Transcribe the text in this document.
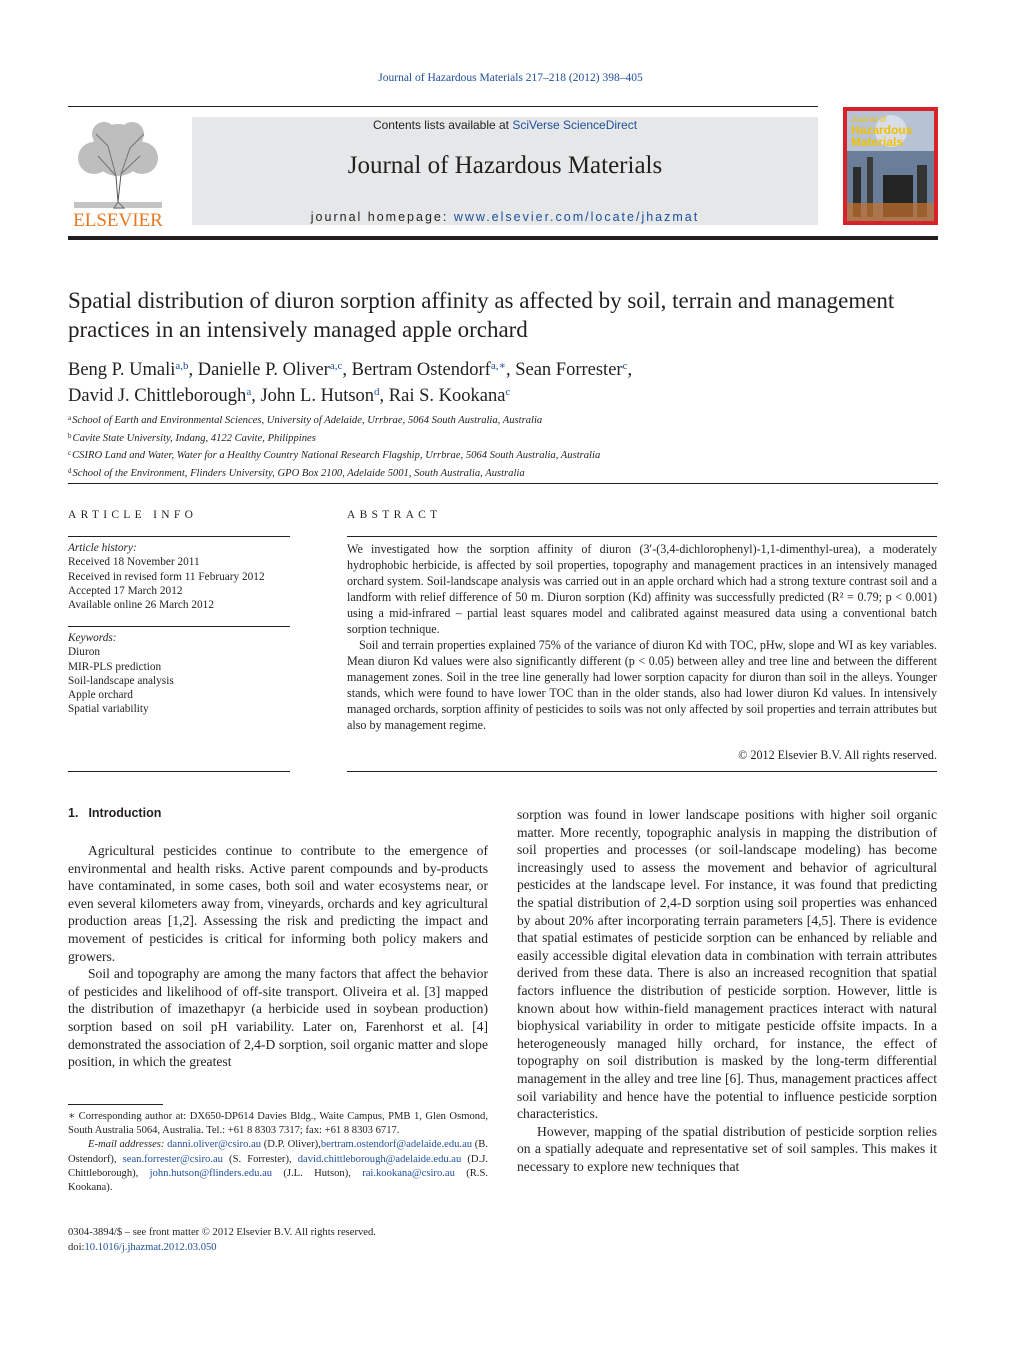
Journal of Hazardous Materials 217–218 (2012) 398–405
ELSEVIER
Contents lists available at SciVerse ScienceDirect
Journal of Hazardous Materials
journal homepage: www.elsevier.com/locate/jhazmat
Journal of
Hazardous
Materials
Spatial distribution of diuron sorption affinity as affected by soil, terrain and management practices in an intensively managed apple orchard
Beng P. Umali$^{a,b}$, Danielle P. Oliver$^{a,c}$, Bertram Ostendorf$^{a,∗}$, Sean Forrester$^c$,
David J. Chittleborough$^a$, John L. Hutson$^d$, Rai S. Kookana$^c$
$^a$School of Earth and Environmental Sciences, University of Adelaide, Urrbrae, 5064 South Australia, Australia
$^b$Cavite State University, Indang, 4122 Cavite, Philippines
$^c$CSIRO Land and Water, Water for a Healthy Country National Research Flagship, Urrbrae, 5064 South Australia, Australia
$^d$School of the Environment, Flinders University, GPO Box 2100, Adelaide 5001, South Australia, Australia
ARTICLE INFO
Article history:
Received 18 November 2011
Received in revised form 11 February 2012
Accepted 17 March 2012
Available online 26 March 2012
Keywords:
Diuron
MIR-PLS prediction
Soil-landscape analysis
Apple orchard
Spatial variability
ABSTRACT

We investigated how the sorption affinity of diuron (3′-(3,4-dichlorophenyl)-1,1-dimenthyl-urea), a moderately hydrophobic herbicide, is affected by soil properties, topography and management practices in an intensively managed orchard system. Soil-landscape analysis was carried out in an apple orchard which had a strong texture contrast soil and a landform with relief difference of 50 m. Diuron sorption (Kd) affinity was successfully predicted (R² = 0.79; p < 0.001) using a mid-infrared – partial least squares model and calibrated against measured data using a conventional batch sorption technique.

Soil and terrain properties explained 75% of the variance of diuron Kd with TOC, pHw, slope and WI as key variables. Mean diuron Kd values were also significantly different (p < 0.05) between alley and tree line and between the different management zones. Soil in the tree line generally had lower sorption capacity for diuron than soil in the alleys. Younger stands, which were found to have lower TOC than in the older stands, also had lower diuron Kd values. In intensively managed orchards, sorption affinity of pesticides to soils was not only affected by soil properties and terrain attributes but also by management regime.

© 2012 Elsevier B.V. All rights reserved.
1. Introduction

Agricultural pesticides continue to contribute to the emergence of environmental and health risks. Active parent compounds and by-products have contaminated, in some cases, both soil and water ecosystems near, or even several kilometers away from, vineyards, orchards and key agricultural production areas [1,2]. Assessing the risk and predicting the impact and movement of pesticides is critical for informing both policy makers and growers.

Soil and topography are among the many factors that affect the behavior of pesticides and likelihood of off-site transport. Oliveira et al. [3] mapped the distribution of imazethapyr (a herbicide used in soybean production) sorption based on soil pH variability. Later on, Farenhorst et al. [4] demonstrated the association of 2,4-D sorption, soil organic matter and slope position, in which the greatest

sorption was found in lower landscape positions with higher soil organic matter. More recently, topographic analysis in mapping the distribution of soil properties and processes (or soil-landscape modeling) has become increasingly used to assess the movement and behavior of agricultural pesticides at the landscape level. For instance, it was found that predicting the spatial distribution of 2,4-D sorption using soil properties was enhanced by about 20% after incorporating terrain parameters [4,5]. There is evidence that spatial estimates of pesticide sorption can be enhanced by reliable and easily accessible digital elevation data in combination with terrain attributes derived from these data. There is also an increased recognition that spatial factors influence the distribution of pesticide sorption. However, little is known about how within-field management practices interact with natural biophysical variability in order to mitigate pesticide offsite impacts. In a heterogeneously managed hilly orchard, for instance, the effect of topography on soil distribution is masked by the long-term differential management in the alley and tree line [6]. Thus, management practices affect soil variability and hence have the potential to influence pesticide sorption characteristics.

However, mapping of the spatial distribution of pesticide sorption relies on a spatially adequate and representative set of soil samples. This makes it necessary to explore new techniques that

∗ Corresponding author at: DX650-DP614 Davies Bldg., Waite Campus, PMB 1, Glen Osmond, South Australia 5064, Australia. Tel.: +61 8 8303 7317; fax: +61 8 8303 6717.

E-mail addresses: danni.oliver@csiro.au (D.P. Oliver),bertram.ostendorf@adelaide.edu.au (B. Ostendorf), sean.forrester@csiro.au (S. Forrester), david.chittleborough@adelaide.edu.au (D.J. Chittleborough), john.hutson@flinders.edu.au (J.L. Hutson), rai.kookana@csiro.au (R.S. Kookana).

0304-3894/$ – see front matter © 2012 Elsevier B.V. All rights reserved.
doi:10.1016/j.jhazmat.2012.03.050
